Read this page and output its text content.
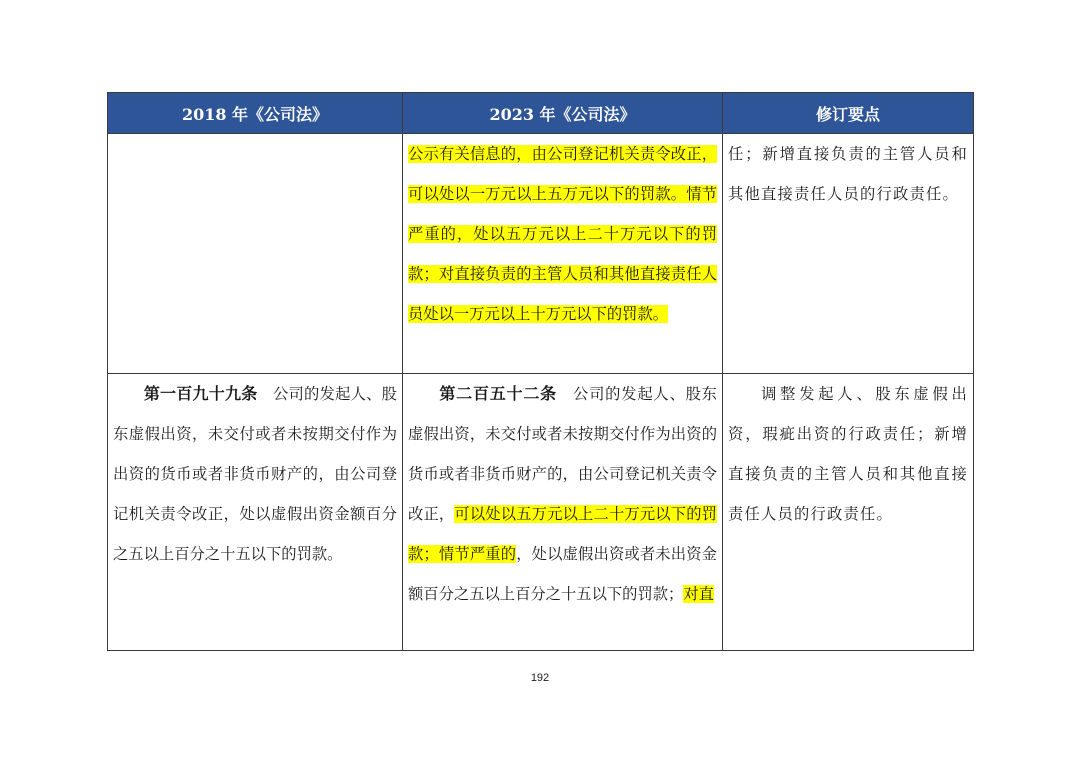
2018 年《公司法》	2023 年《公司法》	修订要点
	公示有关信息的，由公司登记机关责令改正，可以处以一万元以上五万元以下的罚款。情节严重的，处以五万元以上二十万元以下的罚款；对直接负责的主管人员和其他直接责任人员处以一万元以上十万元以下的罚款。	任；新增直接负责的主管人员和其他直接责任人员的行政责任。
第一百九十九条　公司的发起人、股东虚假出资，未交付或者未按期交付作为出资的货币或者非货币财产的，由公司登记机关责令改正，处以虚假出资金额百分之五以上百分之十五以下的罚款。	第二百五十二条　公司的发起人、股东虚假出资，未交付或者未按期交付作为出资的货币或者非货币财产的，由公司登记机关责令改正，可以处以五万元以上二十万元以下的罚款；情节严重的，处以虚假出资或者未出资金额百分之五以上百分之十五以下的罚款；对直	调整发起人、股东虚假出资，瑕疵出资的行政责任；新增直接负责的主管人员和其他直接责任人员的行政责任。
192
